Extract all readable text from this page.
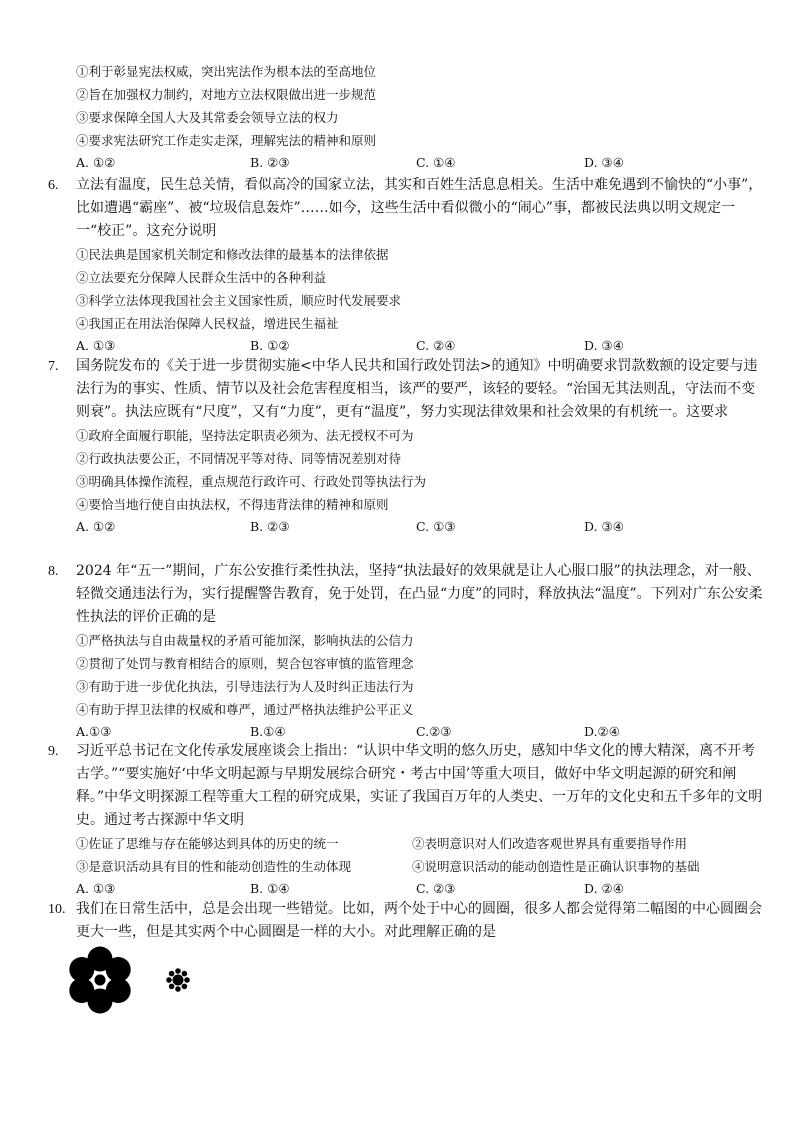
①利于彰显宪法权威，突出宪法作为根本法的至高地位
②旨在加强权力制约，对地方立法权限做出进一步规范
③要求保障全国人大及其常委会领导立法的权力
④要求宪法研究工作走实走深，理解宪法的精神和原则
A. ①②	B. ②③	C. ①④	D. ③④
6. 立法有温度，民生总关情，看似高冷的国家立法，其实和百姓生活息息相关。生活中难免遇到不愉快的“小事”，比如遭遇“霸座”、被“垃圾信息轰炸”……如今，这些生活中看似微小的“闹心”事，都被民法典以明文规定一一“校正”。这充分说明
①民法典是国家机关制定和修改法律的最基本的法律依据
②立法要充分保障人民群众生活中的各种利益
③科学立法体现我国社会主义国家性质，顺应时代发展要求
④我国正在用法治保障人民权益，增进民生福祉
A. ①③	B. ①②	C. ②④	D. ③④
7. 国务院发布的《关于进一步贯彻实施<中华人民共和国行政处罚法>的通知》中明确要求罚款数额的设定要与违法行为的事实、性质、情节以及社会危害程度相当，该严的要严，该轻的要轻。“治国无其法则乱，守法而不变则衰”。执法应既有“尺度”，又有“力度”，更有“温度”，努力实现法律效果和社会效果的有机统一。这要求
①政府全面履行职能，坚持法定职责必须为、法无授权不可为
②行政执法要公正，不同情况平等对待、同等情况差别对待
③明确具体操作流程，重点规范行政许可、行政处罚等执法行为
④要恰当地行使自由执法权，不得违背法律的精神和原则
A. ①②	B. ②③	C. ①③	D. ③④
8. 2024 年“五一”期间，广东公安推行柔性执法，坚持“执法最好的效果就是让人心服口服”的执法理念，对一般、轻微交通违法行为，实行提醒警告教育，免于处罚，在凸显“力度”的同时，释放执法“温度”。下列对广东公安柔性执法的评价正确的是
①严格执法与自由裁量权的矛盾可能加深，影响执法的公信力
②贯彻了处罚与教育相结合的原则，契合包容审慎的监管理念
③有助于进一步优化执法，引导违法行为人及时纠正违法行为
④有助于捍卫法律的权威和尊严，通过严格执法维护公平正义
A.①③	B.①④	C.②③	D.②④
9. 习近平总书记在文化传承发展座谈会上指出：“认识中华文明的悠久历史，感知中华文化的博大精深，离不开考古学。”“要实施好‘中华文明起源与早期发展综合研究・考古中国’等重大项目，做好中华文明起源的研究和阐释。”中华文明探源工程等重大工程的研究成果，实证了我国百万年的人类史、一万年的文化史和五千多年的文明史。通过考古探源中华文明
①佐证了思维与存在能够达到具体的历史的统一	②表明意识对人们改造客观世界具有重要指导作用
③是意识活动具有目的性和能动创造性的生动体现	④说明意识活动的能动创造性是正确认识事物的基础
A. ①③	B. ①④	C. ②③	D. ②④
10. 我们在日常生活中，总是会出现一些错觉。比如，两个处于中心的圆圈，很多人都会觉得第二幅图的中心圆圈会更大一些，但是其实两个中心圆圈是一样的大小。对此理解正确的是
